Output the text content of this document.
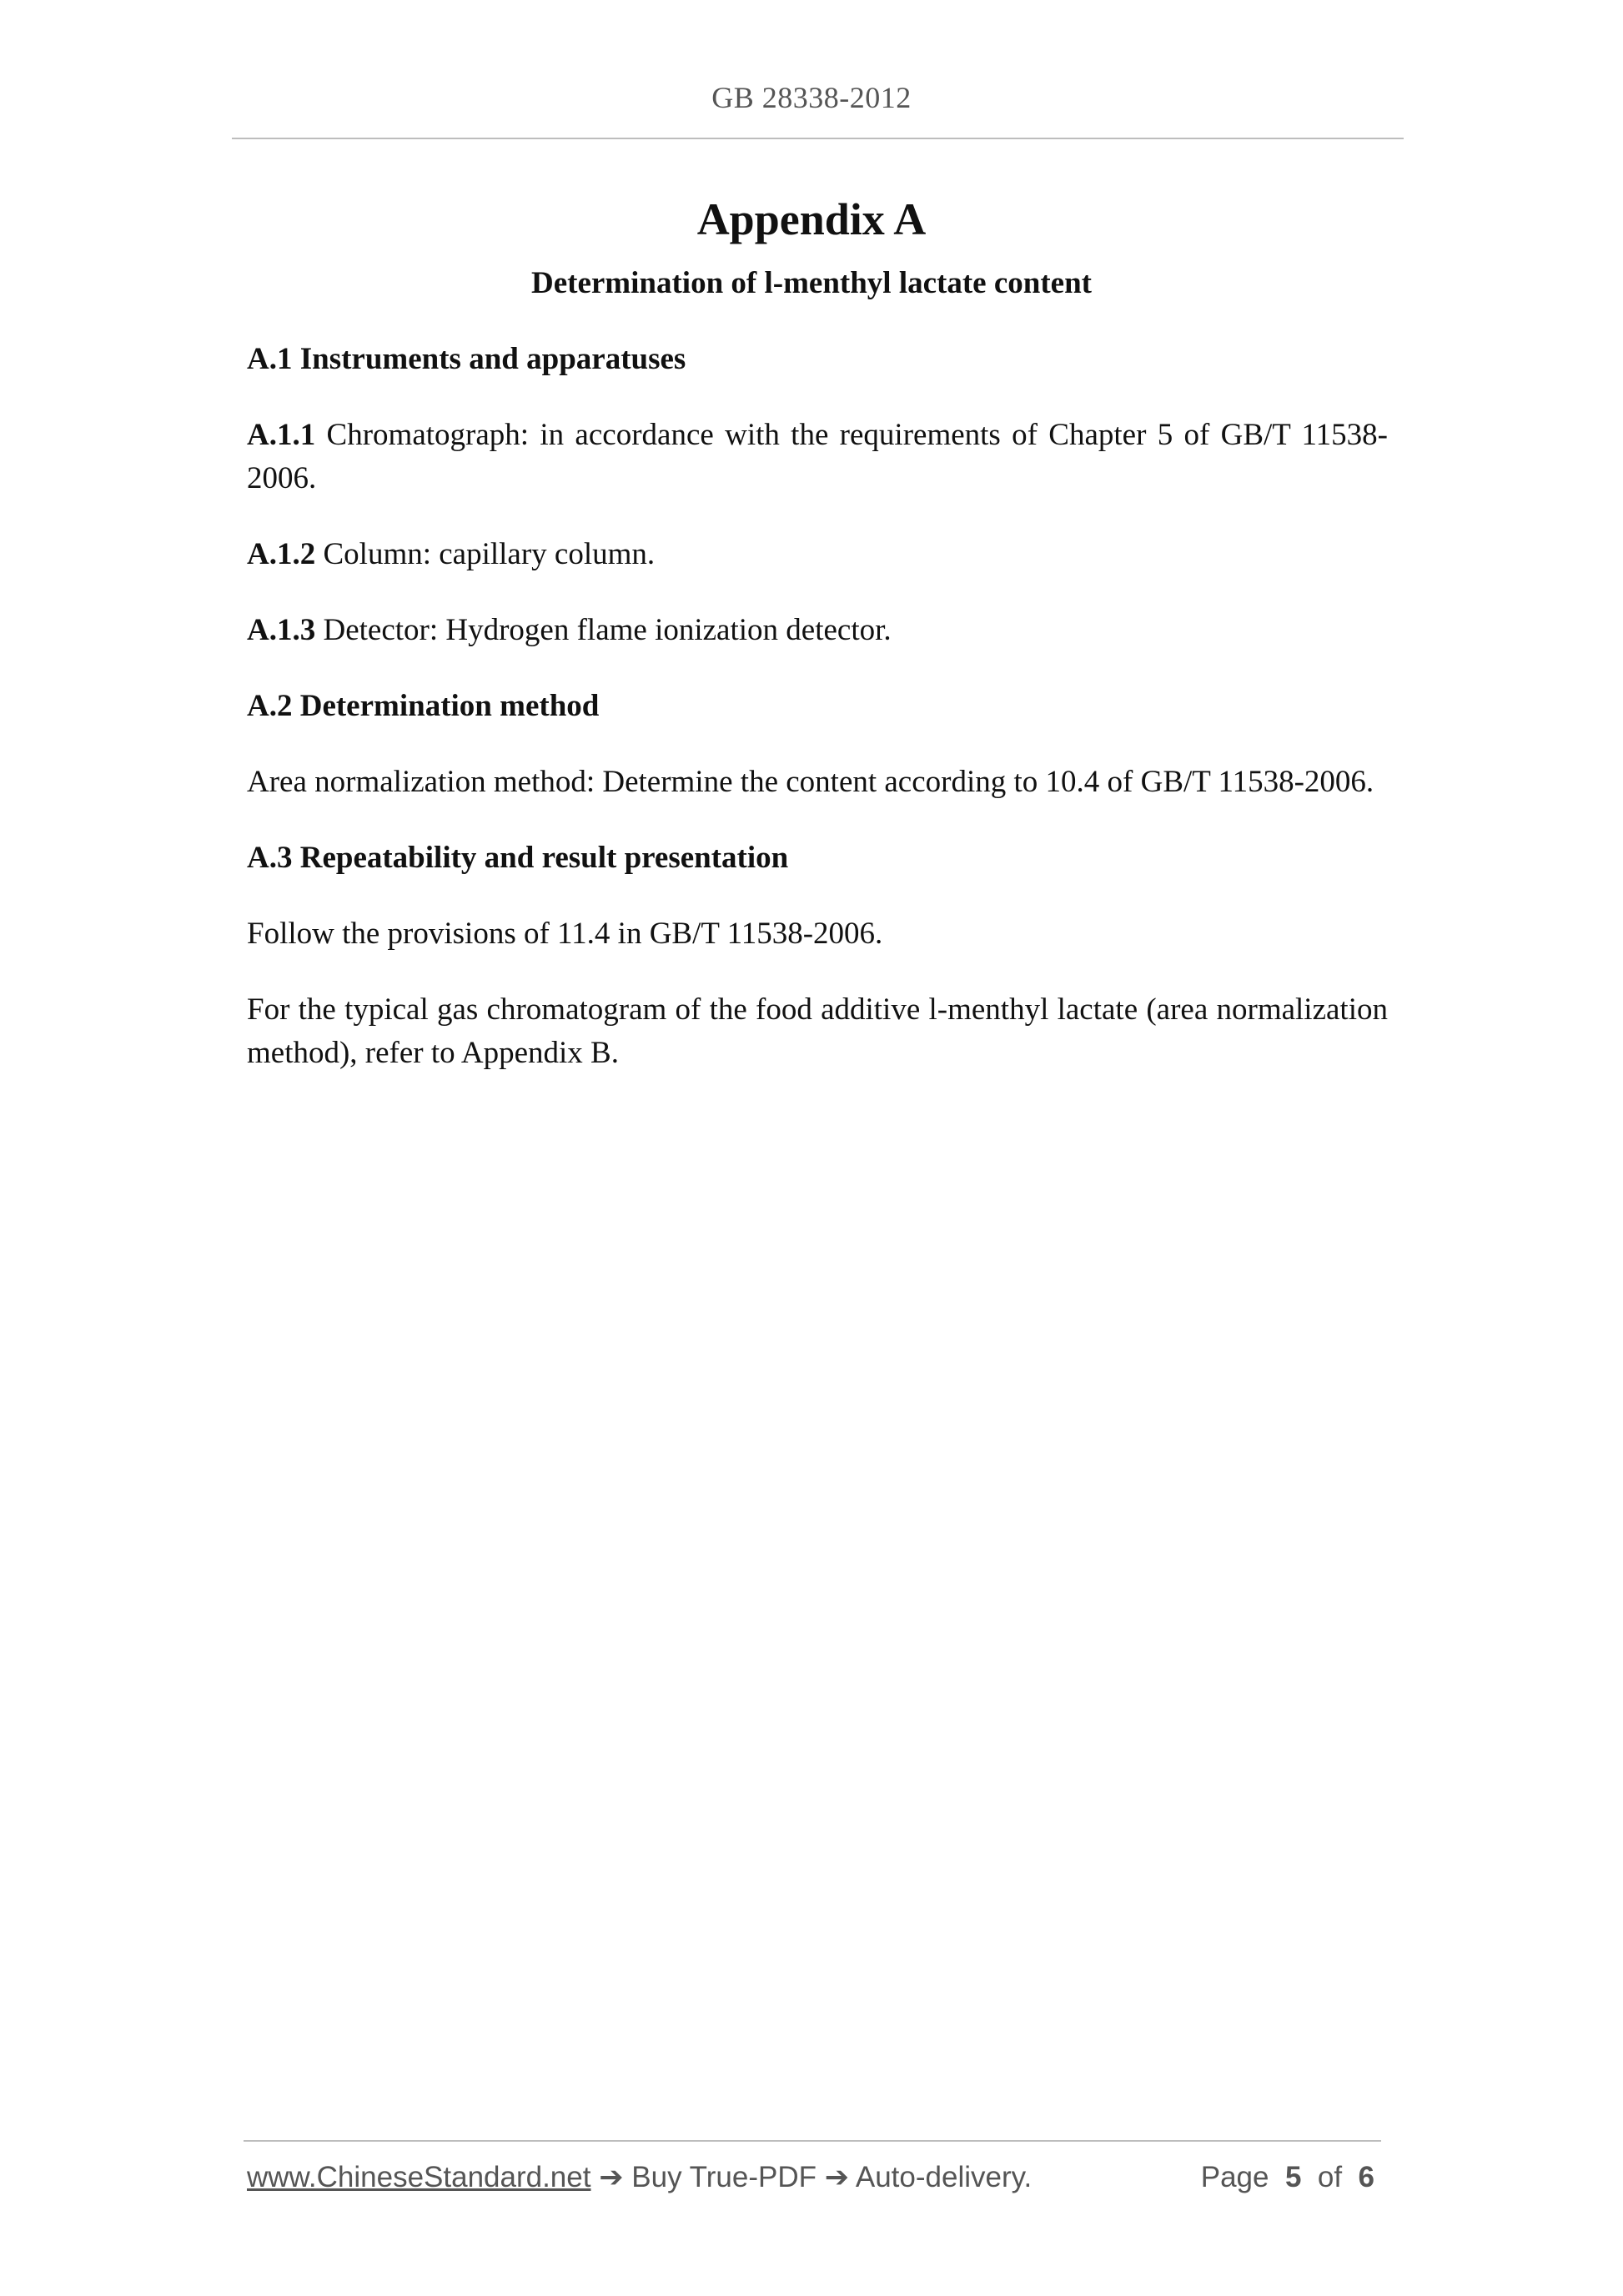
GB 28338-2012
Appendix A
Determination of l-menthyl lactate content

A.1 Instruments and apparatuses

A.1.1 Chromatograph: in accordance with the requirements of Chapter 5 of GB/T 11538-2006.

A.1.2 Column: capillary column.

A.1.3 Detector: Hydrogen flame ionization detector.

A.2 Determination method

Area normalization method: Determine the content according to 10.4 of GB/T 11538-2006.

A.3 Repeatability and result presentation

Follow the provisions of 11.4 in GB/T 11538-2006.

For the typical gas chromatogram of the food additive l-menthyl lactate (area normalization method), refer to Appendix B.

www.ChineseStandard.net ➔ Buy True-PDF ➔ Auto-delivery.	Page 5 of 6
